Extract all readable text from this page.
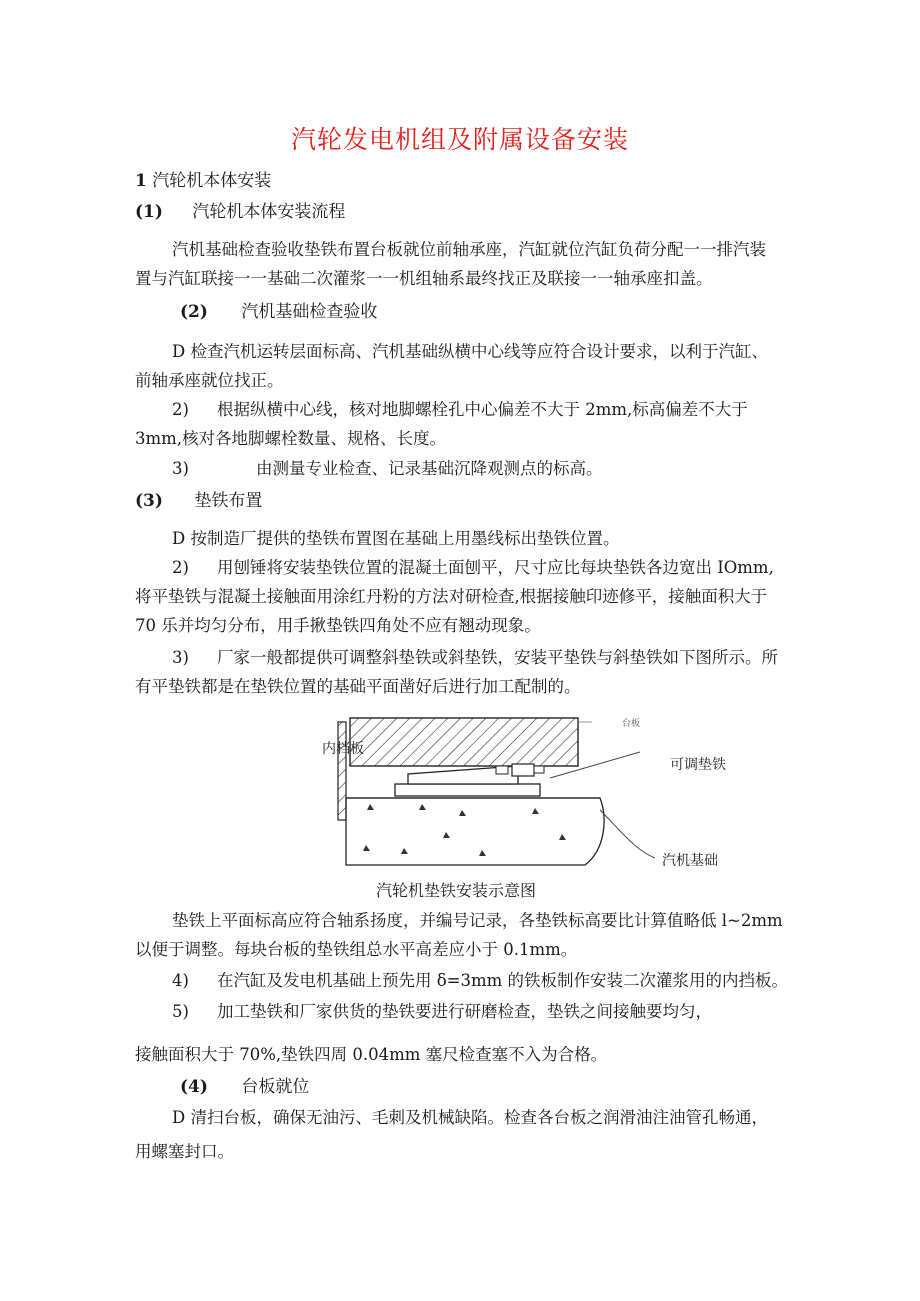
汽轮发电机组及附属设备安装
1 汽轮机本体安装
(1) 汽轮机本体安装流程
汽机基础检查验收垫铁布置台板就位前轴承座，汽缸就位汽缸负荷分配一一排汽装
置与汽缸联接一一基础二次灌浆一一机组轴系最终找正及联接一一轴承座扣盖。
(2) 汽机基础检查验收
D 检查汽机运转层面标高、汽机基础纵横中心线等应符合设计要求，以利于汽缸、
前轴承座就位找正。
2) 根据纵横中心线，核对地脚螺栓孔中心偏差不大于 2mm,标高偏差不大于
3mm,核对各地脚螺栓数量、规格、长度。
3)	由测量专业检查、记录基础沉降观测点的标高。
(3) 垫铁布置
D 按制造厂提供的垫铁布置图在基础上用墨线标出垫铁位置。
2) 用刨锤将安装垫铁位置的混凝土面刨平，尺寸应比每块垫铁各边宽出 IOmm,
将平垫铁与混凝土接触面用涂红丹粉的方法对研检查,根据接触印迹修平，接触面积大于
70 乐并均匀分布，用手揪垫铁四角处不应有翘动现象。
3) 厂家一般都提供可调整斜垫铁或斜垫铁，安装平垫铁与斜垫铁如下图所示。所
有平垫铁都是在垫铁位置的基础平面凿好后进行加工配制的。
台板
内档板
可调垫铁
汽机基础
汽轮机垫铁安装示意图
垫铁上平面标高应符合轴系扬度，并编号记录，各垫铁标高要比计算值略低 l~2mm
以便于调整。每块台板的垫铁组总水平高差应小于 0.1mm。
4) 在汽缸及发电机基础上预先用 δ=3mm 的铁板制作安装二次灌浆用的内挡板。
5) 加工垫铁和厂家供货的垫铁要进行研磨检查，垫铁之间接触要均匀，
接触面积大于 70%,垫铁四周 0.04mm 塞尺检查塞不入为合格。
(4) 台板就位
D 清扫台板，确保无油污、毛刺及机械缺陷。检查各台板之润滑油注油管孔畅通，
用螺塞封口。
